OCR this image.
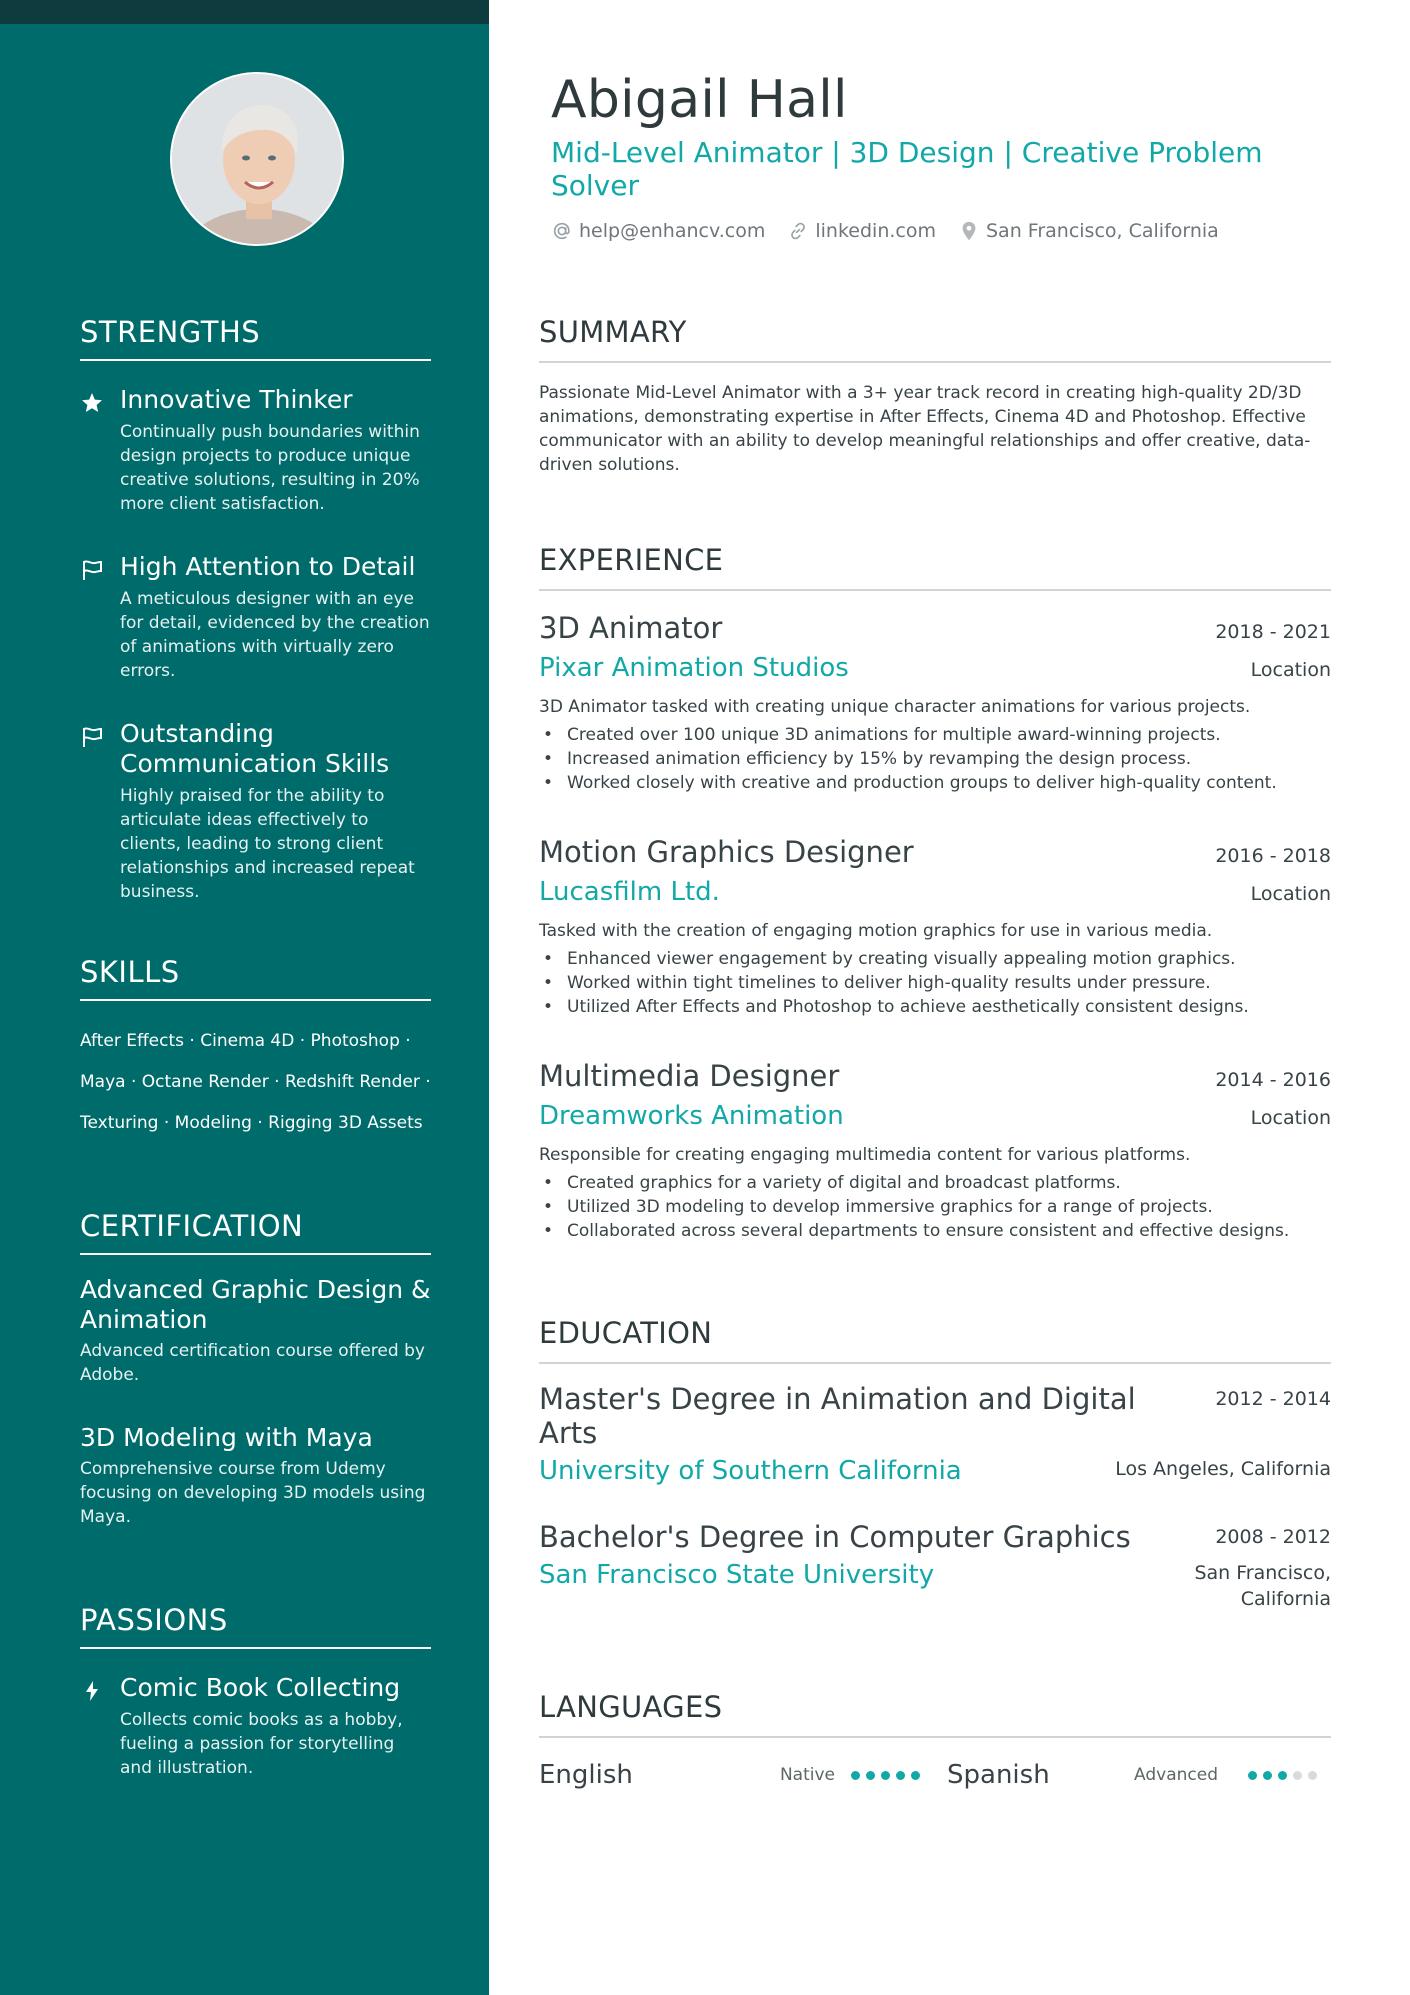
STRENGTHS
Innovative Thinker
Continually push boundaries within design projects to produce unique creative solutions, resulting in 20% more client satisfaction.
High Attention to Detail
A meticulous designer with an eye for detail, evidenced by the creation of animations with virtually zero errors.
Outstanding Communication Skills
Highly praised for the ability to articulate ideas effectively to clients, leading to strong client relationships and increased repeat business.
SKILLS
After Effects · Cinema 4D · Photoshop ·
Maya · Octane Render · Redshift Render ·
Texturing · Modeling · Rigging 3D Assets
CERTIFICATION
Advanced Graphic Design & Animation
Advanced certification course offered by Adobe.
3D Modeling with Maya
Comprehensive course from Udemy focusing on developing 3D models using Maya.
PASSIONS
Comic Book Collecting
Collects comic books as a hobby, fueling a passion for storytelling and illustration.
Abigail Hall
Mid-Level Animator | 3D Design | Creative Problem Solver
help@enhancv.com	linkedin.com	San Francisco, California
SUMMARY
Passionate Mid-Level Animator with a 3+ year track record in creating high-quality 2D/3D animations, demonstrating expertise in After Effects, Cinema 4D and Photoshop. Effective communicator with an ability to develop meaningful relationships and offer creative, data-driven solutions.
EXPERIENCE
3D Animator	2018 - 2021
Pixar Animation Studios	Location
3D Animator tasked with creating unique character animations for various projects.
• Created over 100 unique 3D animations for multiple award-winning projects.
• Increased animation efficiency by 15% by revamping the design process.
• Worked closely with creative and production groups to deliver high-quality content.
Motion Graphics Designer	2016 - 2018
Lucasfilm Ltd.	Location
Tasked with the creation of engaging motion graphics for use in various media.
• Enhanced viewer engagement by creating visually appealing motion graphics.
• Worked within tight timelines to deliver high-quality results under pressure.
• Utilized After Effects and Photoshop to achieve aesthetically consistent designs.
Multimedia Designer	2014 - 2016
Dreamworks Animation	Location
Responsible for creating engaging multimedia content for various platforms.
• Created graphics for a variety of digital and broadcast platforms.
• Utilized 3D modeling to develop immersive graphics for a range of projects.
• Collaborated across several departments to ensure consistent and effective designs.
EDUCATION
Master's Degree in Animation and Digital Arts
2012 - 2014
University of Southern California	Los Angeles, California
Bachelor's Degree in Computer Graphics	2008 - 2012
San Francisco State University	San Francisco, California
LANGUAGES
English	Native	Spanish	Advanced
